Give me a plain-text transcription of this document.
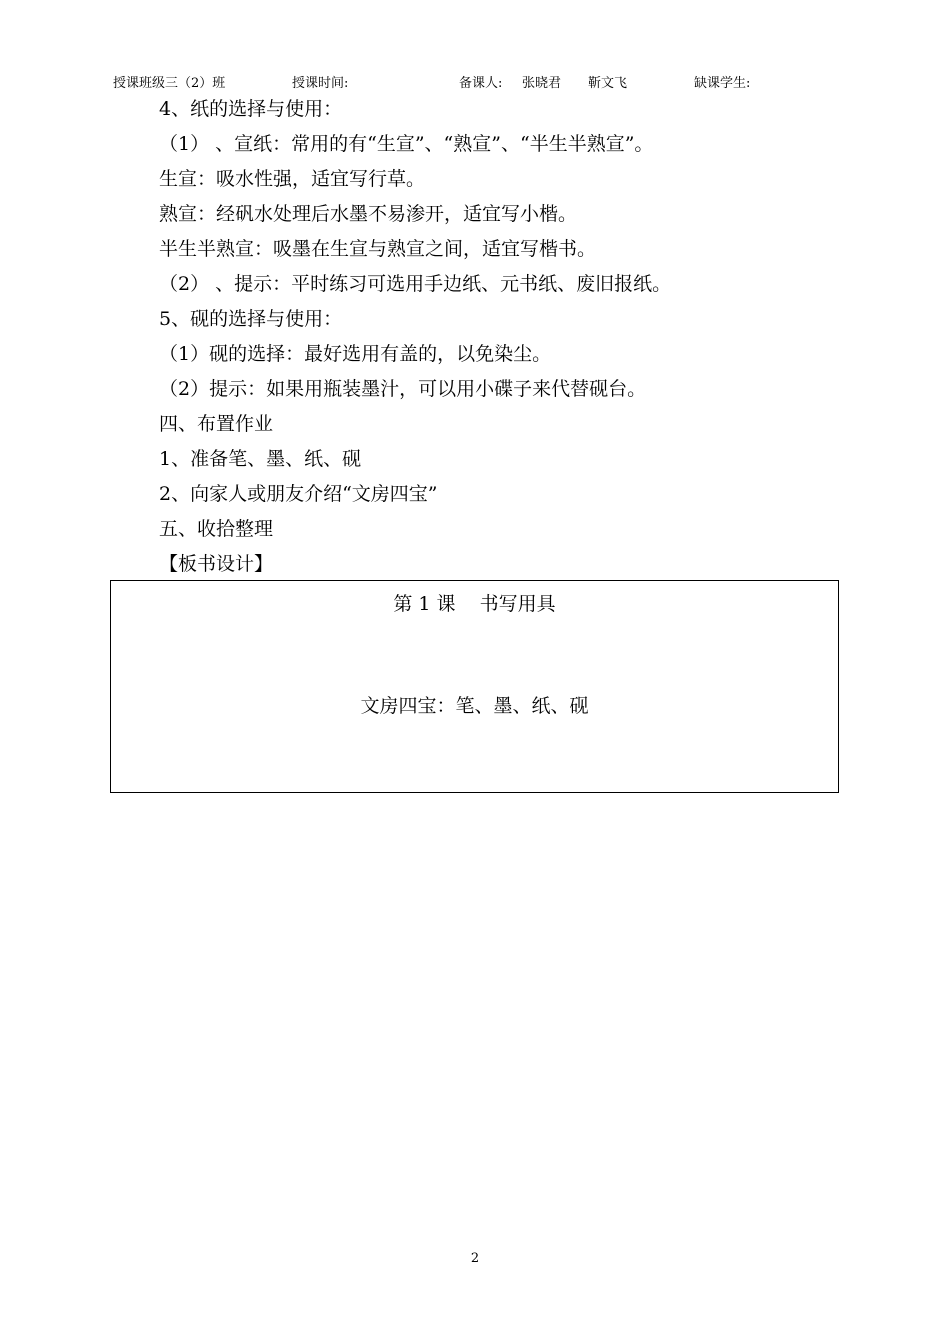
授课班级三（2）班	授课时间:	备课人: 张晓君 靳文飞	缺课学生:
4、纸的选择与使用：
（1） 、宣纸：常用的有“生宣”、“熟宣”、“半生半熟宣”。
生宣：吸水性强，适宜写行草。
熟宣：经矾水处理后水墨不易渗开，适宜写小楷。
半生半熟宣：吸墨在生宣与熟宣之间，适宜写楷书。
（2） 、提示：平时练习可选用手边纸、元书纸、废旧报纸。
5、砚的选择与使用：
（1）砚的选择：最好选用有盖的，以免染尘。
（2）提示：如果用瓶装墨汁，可以用小碟子来代替砚台。
四、布置作业
1、准备笔、墨、纸、砚
2、向家人或朋友介绍“文房四宝”
五、收拾整理
【板书设计】
第 1 课    书写用具
文房四宝：笔、墨、纸、砚
2
